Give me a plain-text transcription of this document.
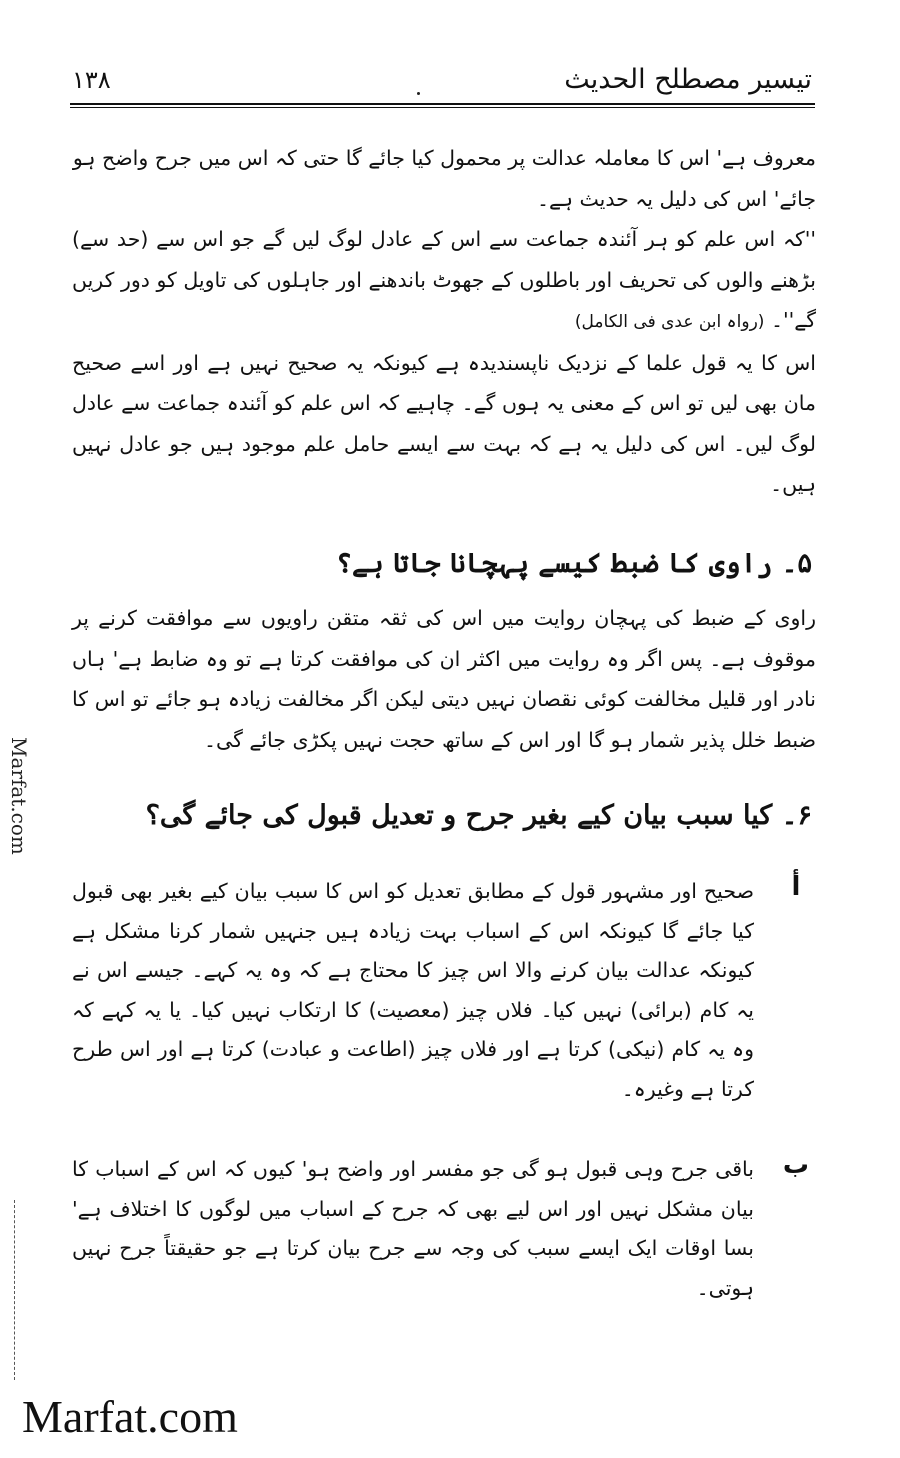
تیسیر مصطلح الحدیث
۱۳۸

معروف ہے' اس کا معاملہ عدالت پر محمول کیا جائے گا حتی کہ اس میں جرح واضح ہو

جائے' اس کی دلیل یہ حدیث ہے۔

''کہ اس علم کو ہر آئندہ جماعت سے اس کے عادل لوگ لیں گے جو اس سے (حد سے) بڑھنے والوں کی تحریف اور باطلوں کے جھوٹ باندھنے اور جاہلوں کی تاویل کو دور کریں گے''۔ (رواہ ابن عدی فی الکامل)

اس کا یہ قول علما کے نزدیک ناپسندیدہ ہے کیونکہ یہ صحیح نہیں ہے اور اسے صحیح مان بھی لیں تو اس کے معنی یہ ہوں گے۔ چاہیے کہ اس علم کو آئندہ جماعت سے عادل لوگ لیں۔ اس کی دلیل یہ ہے کہ بہت سے ایسے حامل علم موجود ہیں جو عادل نہیں ہیں۔

۵۔ راوی کا ضبط کیسے پہچانا جاتا ہے؟

راوی کے ضبط کی پہچان روایت میں اس کی ثقہ متقن راویوں سے موافقت کرنے پر موقوف ہے۔ پس اگر وہ روایت میں اکثر ان کی موافقت کرتا ہے تو وہ ضابط ہے' ہاں نادر اور قلیل مخالفت کوئی نقصان نہیں دیتی لیکن اگر مخالفت زیادہ ہو جائے تو اس کا ضبط خلل پذیر شمار ہو گا اور اس کے ساتھ حجت نہیں پکڑی جائے گی۔

۶۔ کیا سبب بیان کیے بغیر جرح و تعدیل قبول کی جائے گی؟
أ
صحیح اور مشہور قول کے مطابق تعدیل کو اس کا سبب بیان کیے بغیر بھی قبول کیا جائے گا کیونکہ اس کے اسباب بہت زیادہ ہیں جنہیں شمار کرنا مشکل ہے کیونکہ عدالت بیان کرنے والا اس چیز کا محتاج ہے کہ وہ یہ کہے۔ جیسے اس نے یہ کام (برائی) نہیں کیا۔ فلاں چیز (معصیت) کا ارتکاب نہیں کیا۔ یا یہ کہے کہ وہ یہ کام (نیکی) کرتا ہے اور فلاں چیز (اطاعت و عبادت) کرتا ہے اور اس طرح کرتا ہے وغیرہ۔
ب
باقی جرح وہی قبول ہو گی جو مفسر اور واضح ہو' کیوں کہ اس کے اسباب کا بیان مشکل نہیں اور اس لیے بھی کہ جرح کے اسباب میں لوگوں کا اختلاف ہے' بسا اوقات ایک ایسے سبب کی وجہ سے جرح بیان کرتا ہے جو حقیقتاً جرح نہیں ہوتی۔
Marfat.com
Marfat.com
